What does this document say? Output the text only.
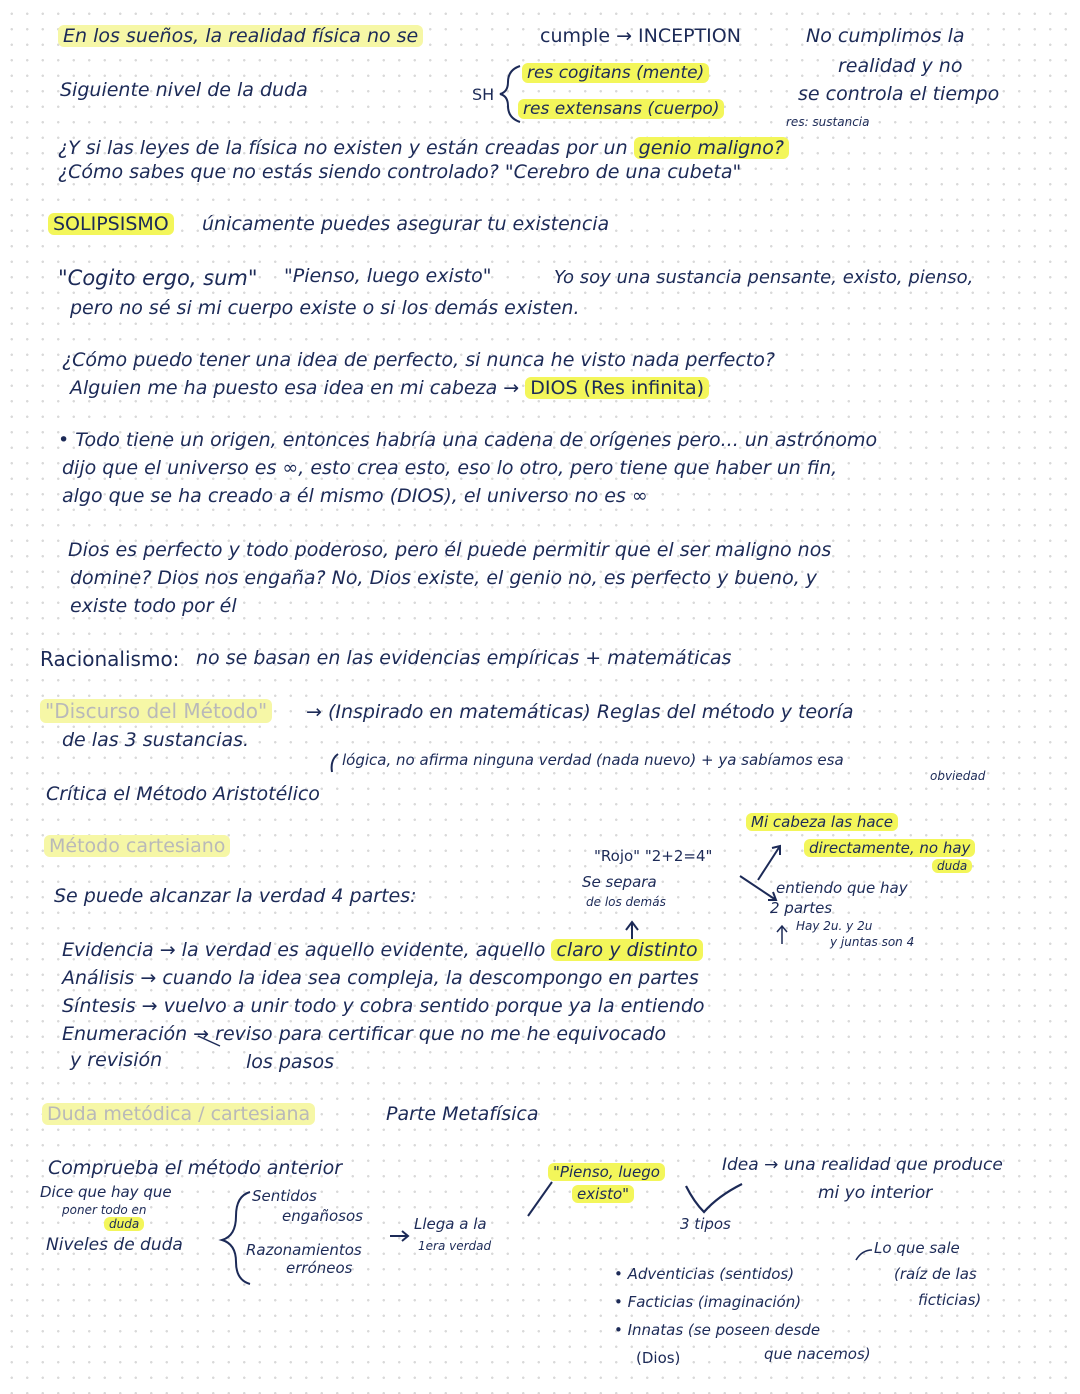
En los sueños, la realidad física no se	cumple → INCEPTION	No cumplimos la
realidad y no
se controla el tiempo
Siguiente nivel de la duda	SH
res cogitans (mente)
res extensans (cuerpo)
res: sustancia
¿Y si las leyes de la física no existen y están creadas por un genio maligno?
¿Cómo sabes que no estás siendo controlado? "Cerebro de una cubeta"
SOLIPSISMO únicamente puedes asegurar tu existencia
"Cogito ergo, sum" "Pienso, luego existo"	Yo soy una sustancia pensante, existo, pienso,
pero no sé si mi cuerpo existe o si los demás existen.
¿Cómo puedo tener una idea de perfecto, si nunca he visto nada perfecto?
Alguien me ha puesto esa idea en mi cabeza → DIOS (Res infinita)
• Todo tiene un origen, entonces habría una cadena de orígenes pero... un astrónomo
dijo que el universo es ∞, esto crea esto, eso lo otro, pero tiene que haber un fin,
algo que se ha creado a él mismo (DIOS), el universo no es ∞
Dios es perfecto y todo poderoso, pero él puede permitir que el ser maligno nos
domine? Dios nos engaña? No, Dios existe, el genio no, es perfecto y bueno, y
existe todo por él
Racionalismo: no se basan en las evidencias empíricas + matemáticas
"Discurso del Método" → (Inspirado en matemáticas) Reglas del método y teoría
de las 3 sustancias.
lógica, no afirma ninguna verdad (nada nuevo) + ya sabíamos esa
obviedad
Crítica el Método Aristotélico
Método cartesiano
Mi cabeza las hace
directamente, no hay
duda
"Rojo" "2+2=4"
Se separa
de los demás
entiendo que hay
2 partes
Hay 2u. y 2u
y juntas son 4
Se puede alcanzar la verdad 4 partes:
Evidencia → la verdad es aquello evidente, aquello claro y distinto
Análisis → cuando la idea sea compleja, la descompongo en partes
Síntesis → vuelvo a unir todo y cobra sentido porque ya la entiendo
Enumeración → reviso para certificar que no me he equivocado
y revisión	los pasos
Duda metódica / cartesiana	Parte Metafísica
Comprueba el método anterior
Dice que hay que
poner todo en
duda
Niveles de duda
Sentidos
engañosos
Razonamientos
erróneos
Llega a la
1era verdad
"Pienso, luego
existo"
3 tipos
Idea → una realidad que produce
mi yo interior
• Adventicias (sentidos)
• Facticias (imaginación)
• Innatas (se poseen desde
que nacemos)
(Dios)
Lo que sale
(raíz de las
ficticias)
